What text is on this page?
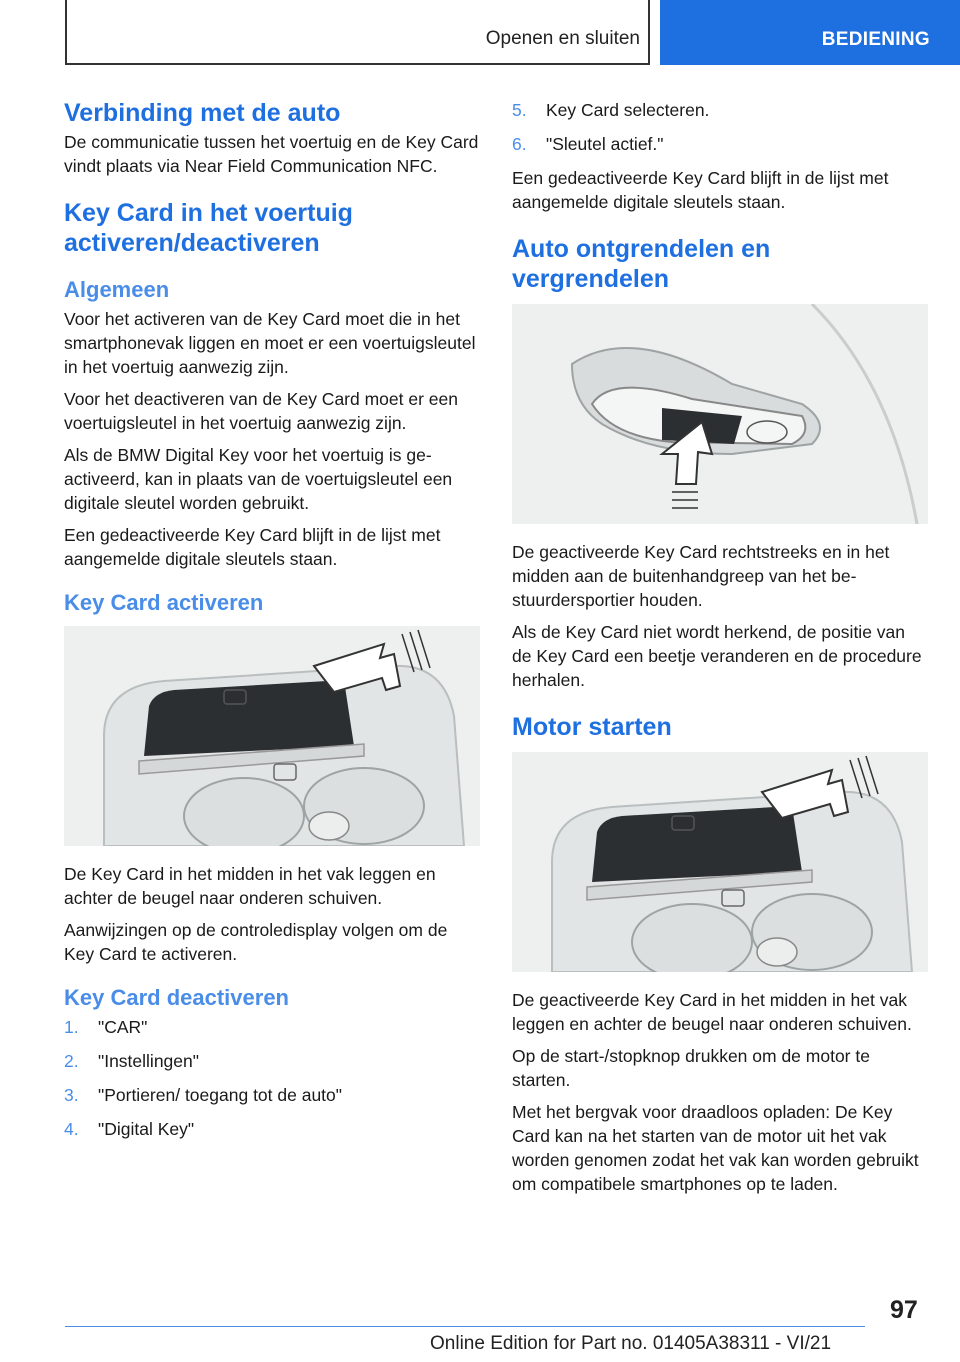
Openen en sluiten	BEDIENING
Verbinding met de auto

De communicatie tussen het voertuig en de Key Card vindt plaats via Near Field Communication NFC.

Key Card in het voertuig activeren/deactiveren
Algemeen

Voor het activeren van de Key Card moet die in het smartphonevak liggen en moet er een voertuigsleutel in het voertuig aanwezig zijn.

Voor het deactiveren van de Key Card moet er een voertuigsleutel in het voertuig aanwezig zijn.

Als de BMW Digital Key voor het voertuig is geactiveerd, kan in plaats van de voertuigsleutel een digitale sleutel worden gebruikt.

Een gedeactiveerde Key Card blijft in de lijst met aangemelde digitale sleutels staan.

Key Card activeren

De Key Card in het midden in het vak leggen en achter de beugel naar onderen schuiven.

Aanwijzingen op de controledisplay volgen om de Key Card te activeren.

Key Card deactiveren
1.	"CAR"
2.	"Instellingen"
3.	"Portieren/ toegang tot de auto"
4.	"Digital Key"
5.	Key Card selecteren.
6.	"Sleutel actief."

Een gedeactiveerde Key Card blijft in de lijst met aangemelde digitale sleutels staan.

Auto ontgrendelen en vergrendelen

De geactiveerde Key Card rechtstreeks en in het midden aan de buitenhandgreep van het bestuurdersportier houden.

Als de Key Card niet wordt herkend, de positie van de Key Card een beetje veranderen en de procedure herhalen.

Motor starten

De geactiveerde Key Card in het midden in het vak leggen en achter de beugel naar onderen schuiven.

Op de start-/stopknop drukken om de motor te starten.

Met het bergvak voor draadloos opladen: De Key Card kan na het starten van de motor uit het vak worden genomen zodat het vak kan worden gebruikt om compatibele smartphones op te laden.

97
Online Edition for Part no. 01405A38311 - VI/21
